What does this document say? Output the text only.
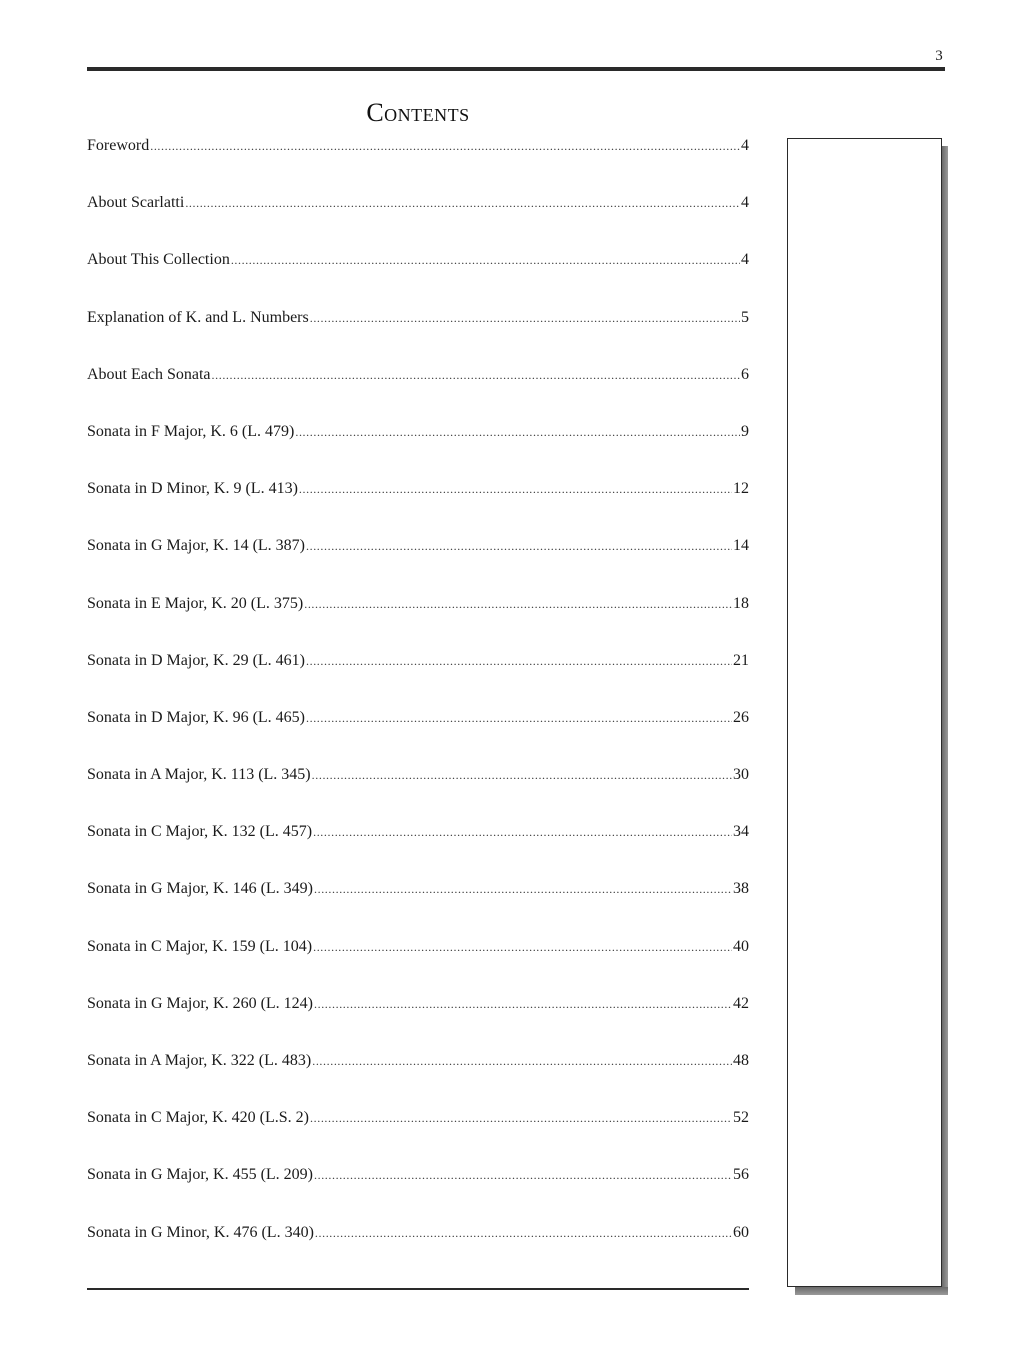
3
Contents
Foreword .....	4
About Scarlatti .....	4
About This Collection .....	4
Explanation of K. and L. Numbers .....	5
About Each Sonata .....	6
Sonata in F Major, K. 6 (L. 479) .....	9
Sonata in D Minor, K. 9 (L. 413) .....	12
Sonata in G Major, K. 14 (L. 387) .....	14
Sonata in E Major, K. 20 (L. 375) .....	18
Sonata in D Major, K. 29 (L. 461) .....	21
Sonata in D Major, K. 96 (L. 465) .....	26
Sonata in A Major, K. 113 (L. 345) .....	30
Sonata in C Major, K. 132 (L. 457) .....	34
Sonata in G Major, K. 146 (L. 349) .....	38
Sonata in C Major, K. 159 (L. 104) .....	40
Sonata in G Major, K. 260 (L. 124) .....	42
Sonata in A Major, K. 322 (L. 483) .....	48
Sonata in C Major, K. 420 (L.S. 2) .....	52
Sonata in G Major, K. 455 (L. 209) .....	56
Sonata in G Minor, K. 476 (L. 340) .....	60
